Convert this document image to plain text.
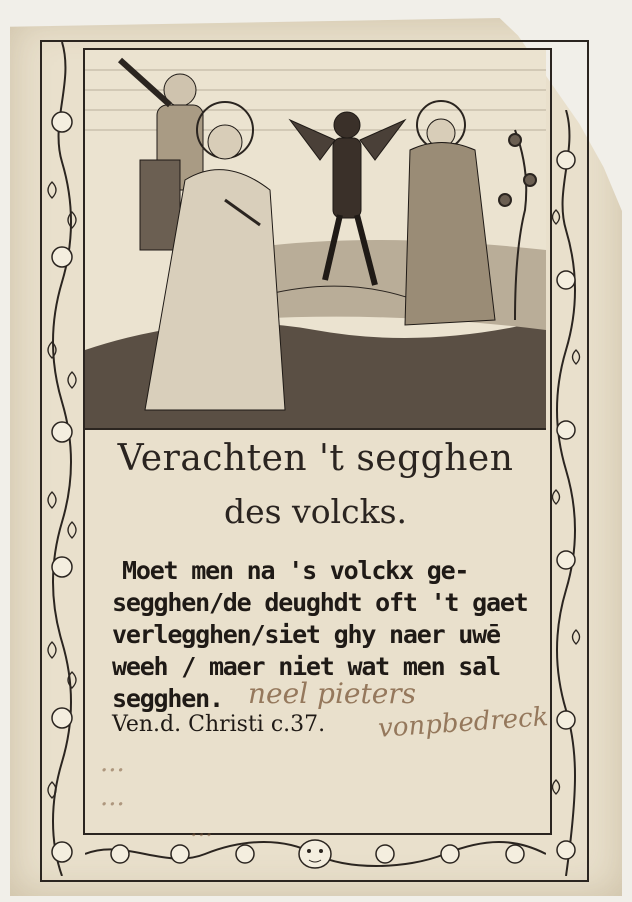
Verachten 't segghen
des volcks.
Moet men na 's volckx ge-
segghen/de deughdt oft 't gaet
verlegghen/siet ghy naer uwē
weeh / maer niet wat men sal
segghen.
Ven.d. Christi c.37.
neel pieters
vonpbedreck
...
...
...
